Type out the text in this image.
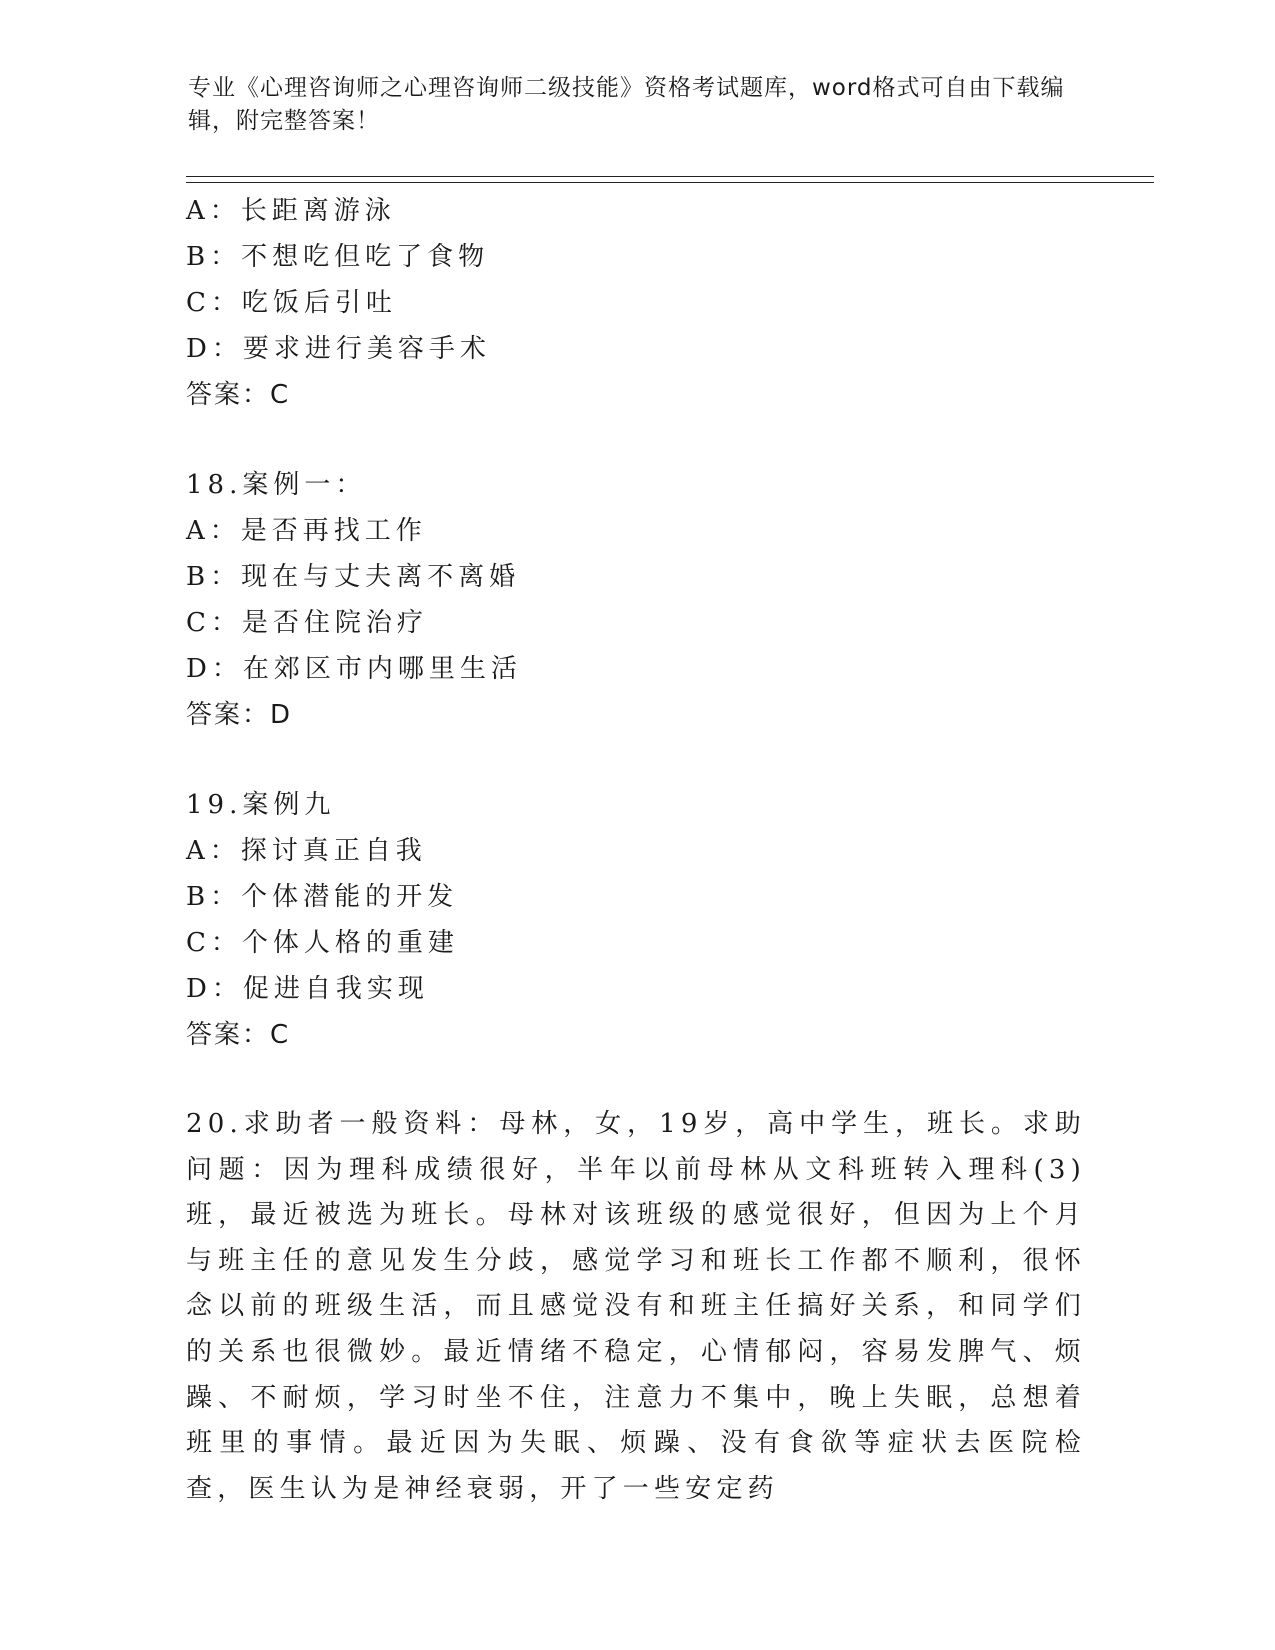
专业《心理咨询师之心理咨询师二级技能》资格考试题库，word格式可自由下载编辑，附完整答案！
A：长距离游泳
B：不想吃但吃了食物
C：吃饭后引吐
D：要求进行美容手术
答案：C
18.案例一：
A：是否再找工作
B：现在与丈夫离不离婚
C：是否住院治疗
D：在郊区市内哪里生活
答案：D
19.案例九
A：探讨真正自我
B：个体潜能的开发
C：个体人格的重建
D：促进自我实现
答案：C
20.求助者一般资料：母林，女，19岁，高中学生，班长。求助问题：因为理科成绩很好，半年以前母林从文科班转入理科(3)班，最近被选为班长。母林对该班级的感觉很好，但因为上个月与班主任的意见发生分歧，感觉学习和班长工作都不顺利，很怀念以前的班级生活，而且感觉没有和班主任搞好关系，和同学们的关系也很微妙。最近情绪不稳定，心情郁闷，容易发脾气、烦躁、不耐烦，学习时坐不住，注意力不集中，晚上失眠，总想着班里的事情。最近因为失眠、烦躁、没有食欲等症状去医院检查，医生认为是神经衰弱，开了一些安定药
